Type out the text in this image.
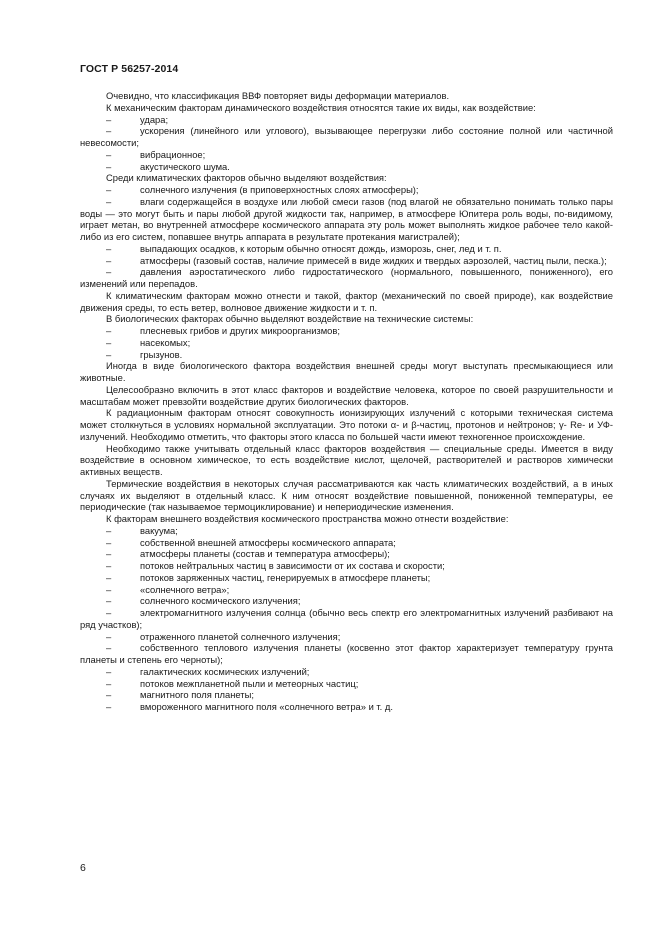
ГОСТ Р 56257-2014
Очевидно, что классификация ВВФ повторяет виды деформации материалов.
К механическим факторам динамического воздействия относятся такие их виды, как воздействие:
–	удара;
–	ускорения (линейного или углового), вызывающее перегрузки либо состояние полной или частичной невесомости;
–	вибрационное;
–	акустического шума.
Среди климатических факторов обычно выделяют воздействия:
–	солнечного излучения (в приповерхностных слоях атмосферы);
–	влаги содержащейся в воздухе или любой смеси газов (под влагой не обязательно понимать только пары воды — это могут быть и пары любой другой жидкости так, например, в атмосфере Юпитера роль воды, по-видимому, играет метан, во внутренней атмосфере космического аппарата эту роль может выполнять жидкое рабочее тело какой-либо из его систем, попавшее внутрь аппарата в результате протекания магистралей);
–	выпадающих осадков, к которым обычно относят дождь, изморозь, снег, лед и т. п.
–	атмосферы (газовый состав, наличие примесей в виде жидких и твердых аэрозолей, частиц пыли, песка.);
–	давления аэростатического либо гидростатического (нормального, повышенного, пониженного), его изменений или перепадов.
К климатическим факторам можно отнести и такой, фактор (механический по своей природе), как воздействие движения среды, то есть ветер, волновое движение жидкости и т. п.
В биологических факторах обычно выделяют воздействие на технические системы:
–	плесневых грибов и других микроорганизмов;
–	насекомых;
–	грызунов.
Иногда в виде биологического фактора воздействия внешней среды могут выступать пресмыкающиеся или животные.
Целесообразно включить в этот класс факторов и воздействие человека, которое по своей разрушительности и масштабам может превзойти воздействие других биологических факторов.
К радиационным факторам относят совокупность ионизирующих излучений с которыми техническая система может столкнуться в условиях нормальной эксплуатации. Это потоки α- и β-частиц, протонов и нейтронов; γ- Re- и УФ- излучений. Необходимо отметить, что факторы этого класса по большей части имеют техногенное происхождение.
Необходимо также учитывать отдельный класс факторов воздействия — специальные среды. Имеется в виду воздействие в основном химическое, то есть воздействие кислот, щелочей, растворителей и растворов химически активных веществ.
Термические воздействия в некоторых случая рассматриваются как часть климатических воздействий, а в иных случаях их выделяют в отдельный класс. К ним относят воздействие повышенной, пониженной температуры, ее периодические (так называемое термоциклирование) и непериодические изменения.
К факторам внешнего воздействия космического пространства можно отнести воздействие:
–	вакуума;
–	собственной внешней атмосферы космического аппарата;
–	атмосферы планеты (состав и температура атмосферы);
–	потоков нейтральных частиц в зависимости от их состава и скорости;
–	потоков заряженных частиц, генерируемых в атмосфере планеты;
–	«солнечного ветра»;
–	солнечного космического излучения;
–	электромагнитного излучения солнца (обычно весь спектр его электромагнитных излучений разбивают на ряд участков);
–	отраженного планетой солнечного излучения;
–	собственного теплового излучения планеты (косвенно этот фактор характеризует температуру грунта планеты и степень его черноты);
–	галактических космических излучений;
–	потоков межпланетной пыли и метеорных частиц;
–	магнитного поля планеты;
–	вмороженного магнитного поля «солнечного ветра» и т. д.
6
